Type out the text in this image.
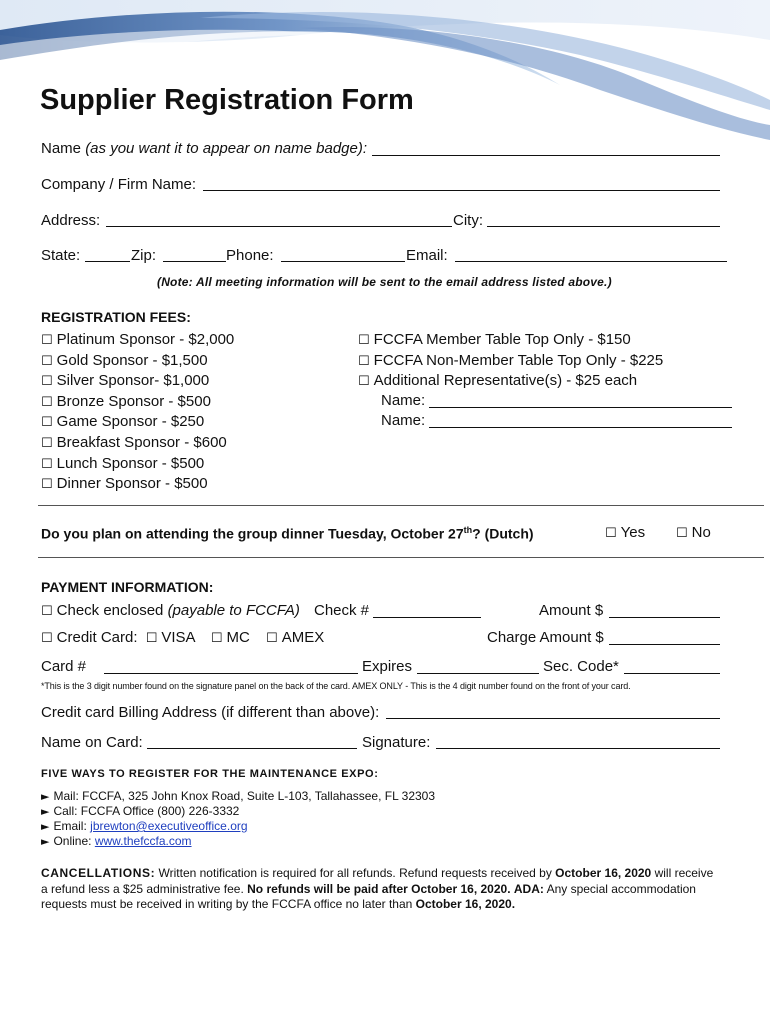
Supplier Registration Form
Name (as you want it to appear on name badge):
Company / Firm Name:
Address:	City:
State:	Zip:	Phone:	Email:
(Note: All meeting information will be sent to the email address listed above.)
REGISTRATION FEES:
☐ Platinum Sponsor - $2,000
☐ Gold Sponsor - $1,500
☐ Silver Sponsor- $1,000
☐ Bronze Sponsor - $500
☐ Game Sponsor - $250
☐ Breakfast Sponsor - $600
☐ Lunch Sponsor - $500
☐ Dinner Sponsor - $500
☐ FCCFA Member Table Top Only - $150
☐ FCCFA Non-Member Table Top Only - $225
☐ Additional Representative(s) - $25 each
Name:
Name:
Do you plan on attending the group dinner Tuesday, October 27th? (Dutch)	☐ Yes ☐ No
PAYMENT INFORMATION:
☐ Check enclosed (payable to FCCFA) Check #	Amount $
☐ Credit Card: ☐ VISA ☐ MC ☐ AMEX	Charge Amount $
Card #	Expires	Sec. Code*
*This is the 3 digit number found on the signature panel on the back of the card. AMEX ONLY - This is the 4 digit number found on the front of your card.
Credit card Billing Address (if different than above):
Name on Card:	Signature:
FIVE WAYS TO REGISTER FOR THE MAINTENANCE EXPO:
► Mail: FCCFA, 325 John Knox Road, Suite L-103, Tallahassee, FL 32303
► Call: FCCFA Office (800) 226-3332
► Email: jbrewton@executiveoffice.org
► Online: www.thefccfa.com
CANCELLATIONS: Written notification is required for all refunds. Refund requests received by October 16, 2020 will receive a refund less a $25 administrative fee. No refunds will be paid after October 16, 2020. ADA: Any special accommodation requests must be received in writing by the FCCFA office no later than October 16, 2020.
